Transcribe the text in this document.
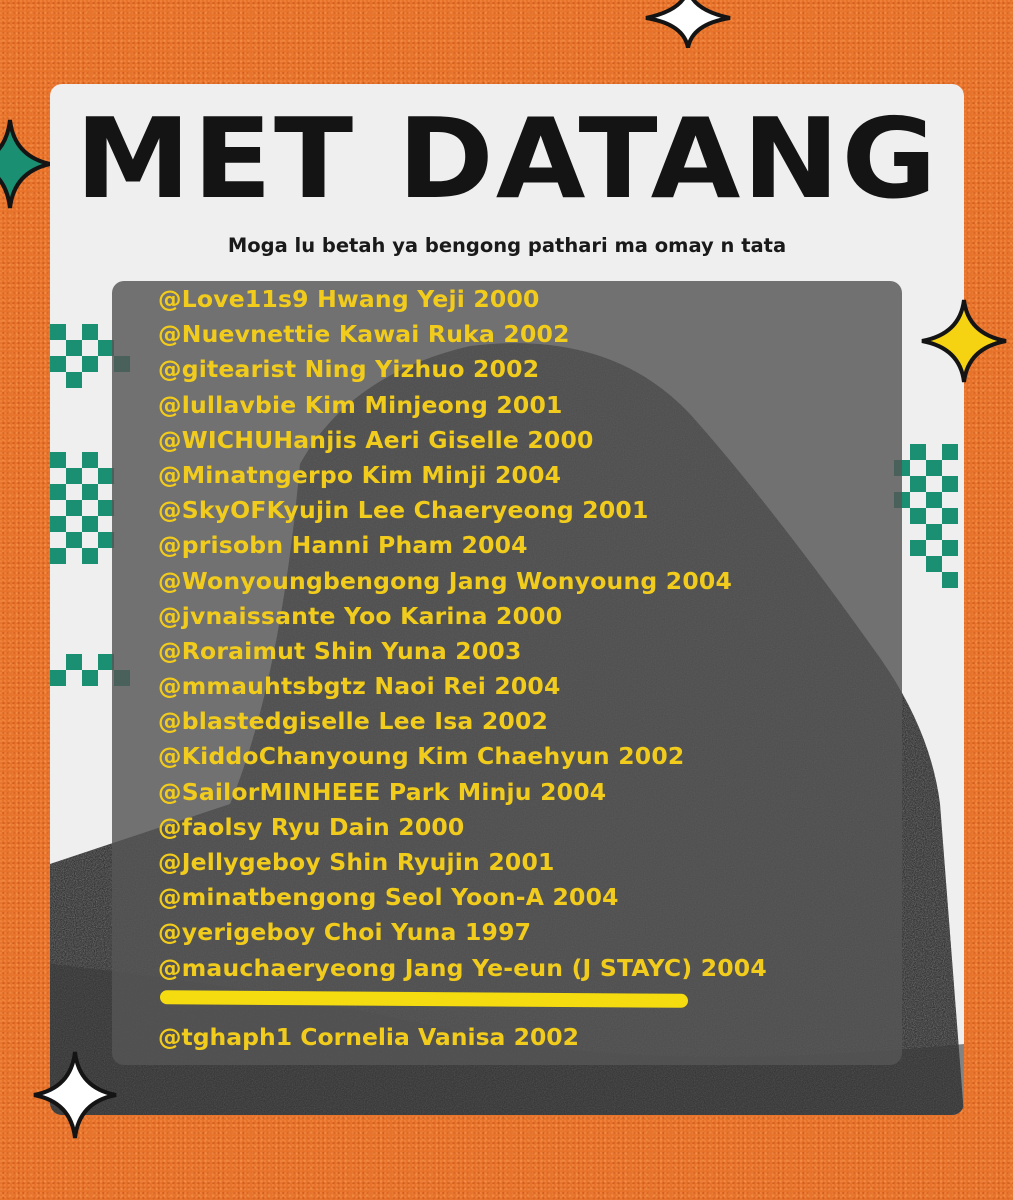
MET DATANG
Moga lu betah ya bengong pathari ma omay n tata
@Love11s9 Hwang Yeji 2000
@Nuevnettie Kawai Ruka 2002
@gitearist Ning Yizhuo 2002
@lullavbie Kim Minjeong 2001
@WICHUHanjis Aeri Giselle 2000
@Minatngerpo Kim Minji 2004
@SkyOFKyujin Lee Chaeryeong 2001
@prisobn Hanni Pham 2004
@Wonyoungbengong Jang Wonyoung 2004
@jvnaissante Yoo Karina 2000
@Roraimut Shin Yuna 2003
@mmauhtsbgtz Naoi Rei 2004
@blastedgiselle Lee Isa 2002
@KiddoChanyoung Kim Chaehyun 2002
@SailorMINHEEE Park Minju 2004
@faolsy Ryu Dain 2000
@Jellygeboy Shin Ryujin 2001
@minatbengong Seol Yoon-A 2004
@yerigeboy Choi Yuna 1997
@mauchaeryeong Jang Ye-eun (J STAYC) 2004
@tghaph1 Cornelia Vanisa 2002
